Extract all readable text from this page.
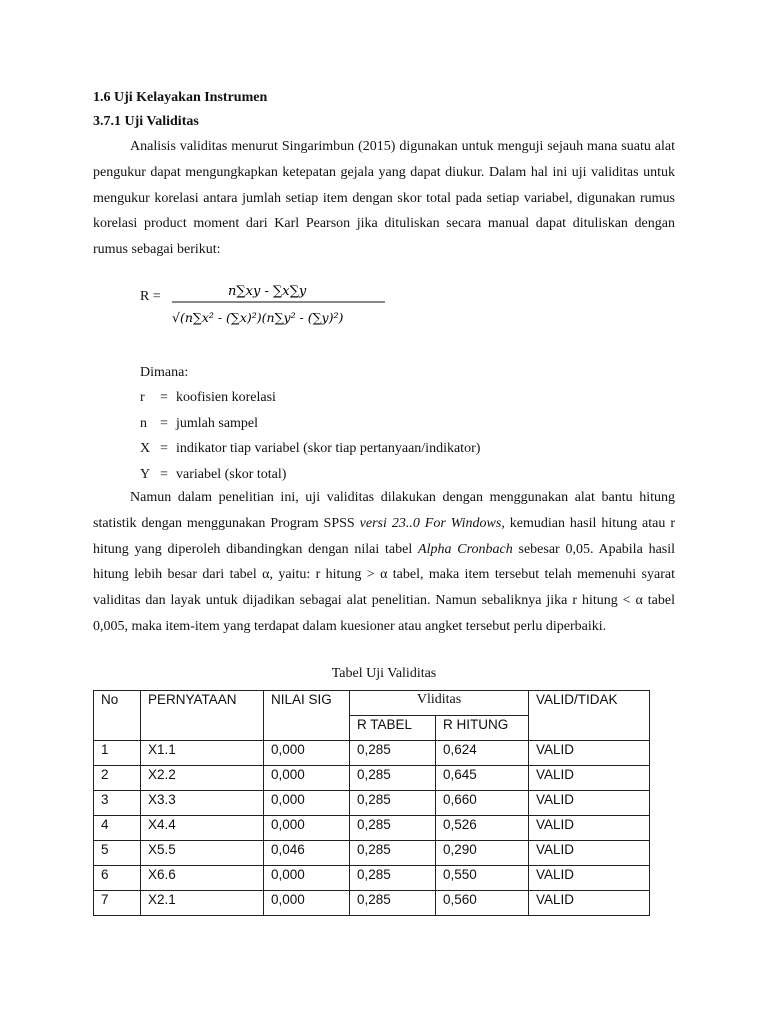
1.6 Uji Kelayakan Instrumen
3.7.1 Uji Validitas

Analisis validitas menurut Singarimbun (2015) digunakan untuk menguji sejauh mana suatu alat pengukur dapat mengungkapkan ketepatan gejala yang dapat diukur. Dalam hal ini uji validitas untuk mengukur korelasi antara jumlah setiap item dengan skor total pada setiap variabel, digunakan rumus korelasi product moment dari Karl Pearson jika dituliskan secara manual dapat dituliskan dengan rumus sebagai berikut:

R =	n∑xy - ∑x∑y
√(n∑x² - (∑x)²)(n∑y² - (∑y)²)
Dimana:
r	= koofisien korelasi
n = jumlah sampel
X = indikator tiap variabel (skor tiap pertanyaan/indikator)
Y = variabel (skor total)

Namun dalam penelitian ini, uji validitas dilakukan dengan menggunakan alat bantu hitung statistik dengan menggunakan Program SPSS versi 23..0 For Windows, kemudian hasil hitung atau r hitung yang diperoleh dibandingkan dengan nilai tabel Alpha Cronbach sebesar 0,05. Apabila hasil hitung lebih besar dari tabel α, yaitu: r hitung > α tabel, maka item tersebut telah memenuhi syarat validitas dan layak untuk dijadikan sebagai alat penelitian. Namun sebaliknya jika r hitung < α tabel 0,005, maka item-item yang terdapat dalam kuesioner atau angket tersebut perlu diperbaiki.

Tabel Uji Validitas
No	PERNYATAAN	NILAI SIG	Vliditas		VALID/TIDAK
			R TABEL	R HITUNG	
1	X1.1	0,000	0,285	0,624	VALID
2	X2.2	0,000	0,285	0,645	VALID
3	X3.3	0,000	0,285	0,660	VALID
4	X4.4	0,000	0,285	0,526	VALID
5	X5.5	0,046	0,285	0,290	VALID
6	X6.6	0,000	0,285	0,550	VALID
7	X2.1	0,000	0,285	0,560	VALID
